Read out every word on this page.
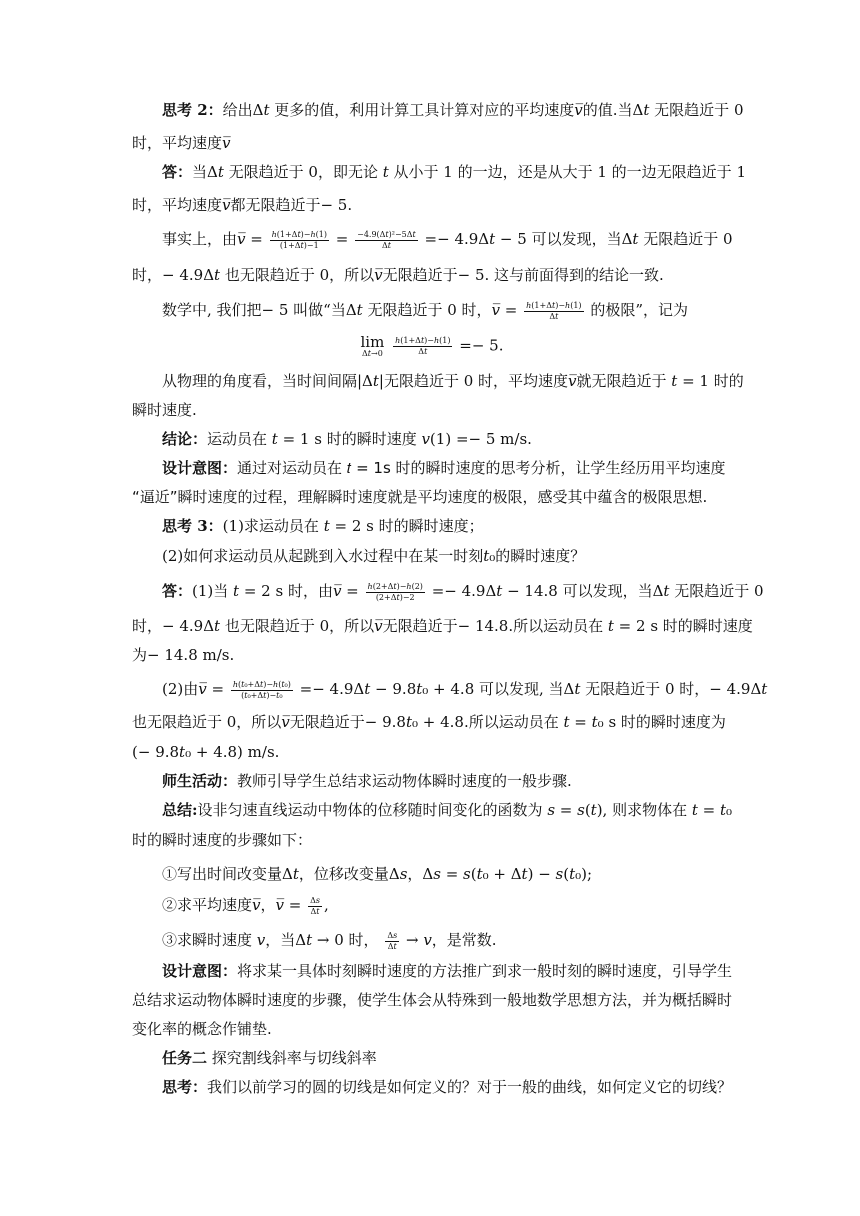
思考 2：给出Δ𝑡 更多的值，利用计算工具计算对应的平均速度𝑣̅的值.当Δ𝑡 无限趋近于 0
时，平均速度𝑣̅
答：当Δ𝑡 无限趋近于 0，即无论 𝑡 从小于 1 的一边，还是从大于 1 的一边无限趋近于 1
时，平均速度𝑣̅都无限趋近于− 5.
事实上，由𝑣̅ = $\frac{\text{ℎ(1+Δ𝑡)−ℎ(1)}}{\text{(1+Δ𝑡)−1}} = \frac{\text{−4.9(Δ𝑡)²−5Δ𝑡}}{\text{Δ𝑡}}$ =− 4.9Δ𝑡 − 5 可以发现，当Δ𝑡 无限趋近于 0
时，− 4.9Δ𝑡 也无限趋近于 0，所以𝑣̅无限趋近于− 5. 这与前面得到的结论一致.
数学中, 我们把− 5 叫做“当Δ𝑡 无限趋近于 0 时，𝑣̅ = $\frac{\text{ℎ(1+Δ𝑡)−ℎ(1)}}{\text{Δ𝑡}}$ 的极限”，记为
lim
Δ𝑡→0
$\frac{\text{ℎ(1+Δ𝑡)−ℎ(1)}}{\text{Δ𝑡}} =- 5$.
从物理的角度看，当时间间隔|Δ𝑡|无限趋近于 0 时，平均速度𝑣̅就无限趋近于 𝑡 = 1 时的
瞬时速度.
结论：运动员在 𝑡 = 1 s 时的瞬时速度 𝑣(1) =− 5 m/s.
设计意图：通过对运动员在 𝑡 = 1s 时的瞬时速度的思考分析，让学生经历用平均速度
“逼近”瞬时速度的过程，理解瞬时速度就是平均速度的极限，感受其中蕴含的极限思想.
思考 3：(1)求运动员在 𝑡 = 2 s 时的瞬时速度；
(2)如何求运动员从起跳到入水过程中在某一时刻𝑡₀的瞬时速度？
答：(1)当 𝑡 = 2 s 时，由𝑣̅ = $\frac{\text{ℎ(2+Δ𝑡)−ℎ(2)}}{\text{(2+Δ𝑡)−2}}$ =− 4.9Δ𝑡 − 14.8 可以发现，当Δ𝑡 无限趋近于 0
时，− 4.9Δ𝑡 也无限趋近于 0，所以𝑣̅无限趋近于− 14.8.所以运动员在 𝑡 = 2 s 时的瞬时速度
为− 14.8 m/s.
(2)由𝑣̅ = $\frac{\text{ℎ(𝑡₀+Δ𝑡)−ℎ(𝑡₀)}}{\text{(𝑡₀+Δ𝑡)−𝑡₀}}$ =− 4.9Δ𝑡 − 9.8𝑡₀ + 4.8 可以发现, 当Δ𝑡 无限趋近于 0 时，− 4.9Δ𝑡
也无限趋近于 0，所以𝑣̅无限趋近于− 9.8𝑡₀ + 4.8.所以运动员在 𝑡 = 𝑡₀ s 时的瞬时速度为
(− 9.8𝑡₀ + 4.8) m/s.
师生活动：教师引导学生总结求运动物体瞬时速度的一般步骤.
总结:设非匀速直线运动中物体的位移随时间变化的函数为 𝑠 = 𝑠(𝑡), 则求物体在 𝑡 = 𝑡₀
时的瞬时速度的步骤如下：
①写出时间改变量Δ𝑡，位移改变量Δ𝑠，Δ𝑠 = 𝑠(𝑡₀ + Δ𝑡) − 𝑠(𝑡₀);
②求平均速度𝑣̅，𝑣̅ = $\frac{\text{Δ𝑠}}{\text{Δ𝑡}}$ ,
③求瞬时速度 𝑣，当Δ𝑡 → 0 时， $\frac{\text{Δ𝑠}}{\text{Δ𝑡}}$ → 𝑣，是常数.
设计意图：将求某一具体时刻瞬时速度的方法推广到求一般时刻的瞬时速度，引导学生
总结求运动物体瞬时速度的步骤，使学生体会从特殊到一般地数学思想方法，并为概括瞬时
变化率的概念作铺垫.
任务二 探究割线斜率与切线斜率
思考：我们以前学习的圆的切线是如何定义的？对于一般的曲线，如何定义它的切线？
